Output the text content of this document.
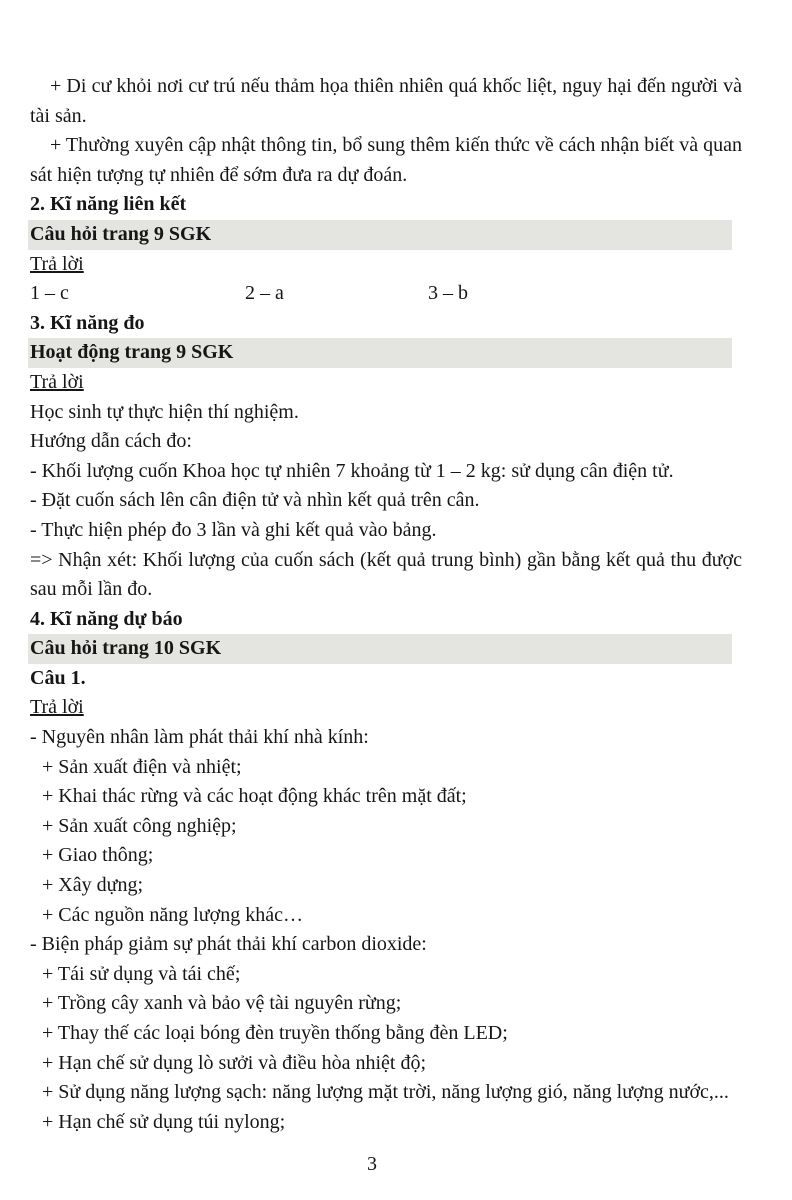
+ Di cư khỏi nơi cư trú nếu thảm họa thiên nhiên quá khốc liệt, nguy hại đến người và tài sản.
+ Thường xuyên cập nhật thông tin, bổ sung thêm kiến thức về cách nhận biết và quan sát hiện tượng tự nhiên để sớm đưa ra dự đoán.
2. Kĩ năng liên kết
Câu hỏi trang 9 SGK
Trả lời
1 – c	2 – a	3 – b
3. Kĩ năng đo
Hoạt động trang 9 SGK
Trả lời
Học sinh tự thực hiện thí nghiệm.
Hướng dẫn cách đo:
- Khối lượng cuốn Khoa học tự nhiên 7 khoảng từ 1 – 2 kg: sử dụng cân điện tử.
- Đặt cuốn sách lên cân điện tử và nhìn kết quả trên cân.
- Thực hiện phép đo 3 lần và ghi kết quả vào bảng.
=> Nhận xét: Khối lượng của cuốn sách (kết quả trung bình) gần bằng kết quả thu được sau mỗi lần đo.
4. Kĩ năng dự báo
Câu hỏi trang 10 SGK
Câu 1.
Trả lời
- Nguyên nhân làm phát thải khí nhà kính:
+ Sản xuất điện và nhiệt;
+ Khai thác rừng và các hoạt động khác trên mặt đất;
+ Sản xuất công nghiệp;
+ Giao thông;
+ Xây dựng;
+ Các nguồn năng lượng khác…
- Biện pháp giảm sự phát thải khí carbon dioxide:
+ Tái sử dụng và tái chế;
+ Trồng cây xanh và bảo vệ tài nguyên rừng;
+ Thay thế các loại bóng đèn truyền thống bằng đèn LED;
+ Hạn chế sử dụng lò sưởi và điều hòa nhiệt độ;
+ Sử dụng năng lượng sạch: năng lượng mặt trời, năng lượng gió, năng lượng nước,...
+ Hạn chế sử dụng túi nylong;
3
